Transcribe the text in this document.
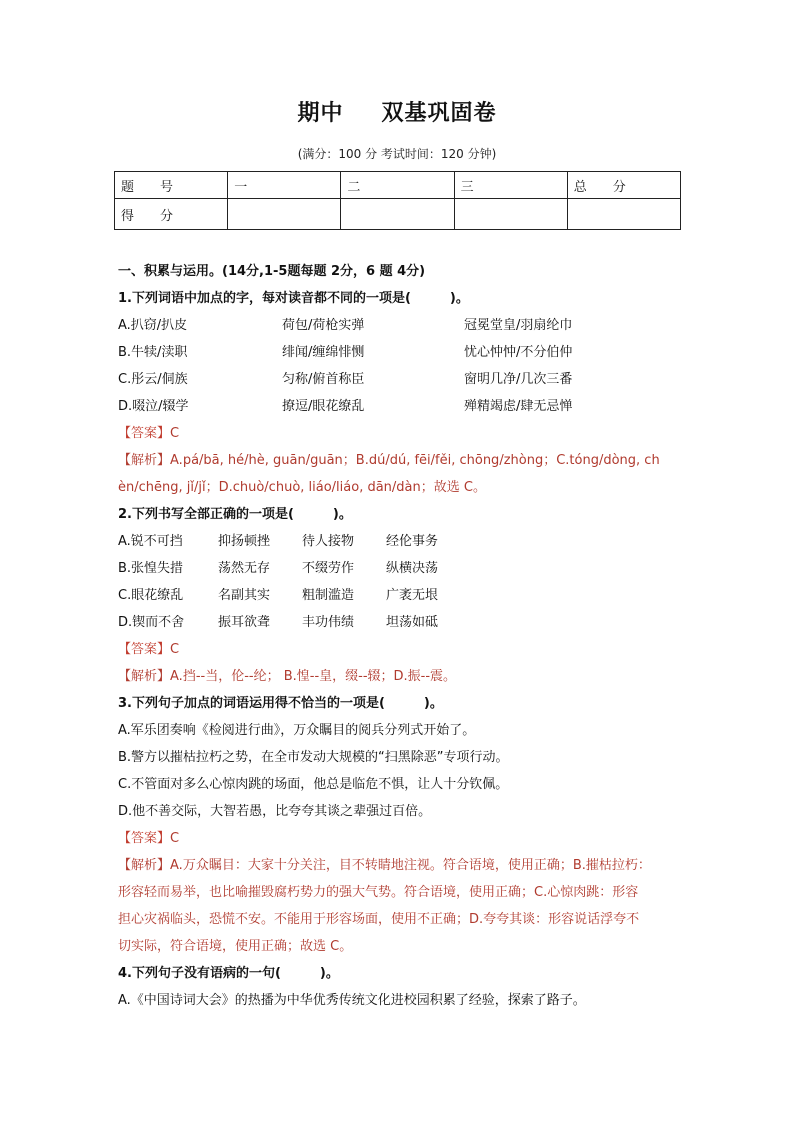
期中 双基巩固卷
(满分：100 分 考试时间：120 分钟)
题　　号	一	二	三	总　　分
得　　分				
一、积累与运用。(14分,1-5题每题 2分，6 题 4分)
1.下列词语中加点的字，每对读音都不同的一项是(　　　)。
A.扒窃/扒皮	荷包/荷枪实弹	冠冕堂皇/羽扇纶巾
B.牛犊/渎职	绯闻/缠绵悱恻	忧心忡忡/不分伯仲
C.彤云/侗族	匀称/俯首称臣	窗明几净/几次三番
D.啜泣/辍学	撩逗/眼花缭乱	殚精竭虑/肆无忌惮
【答案】C
【解析】A.pá/bā, hé/hè, guān/guān；B.dú/dú, fēi/fěi, chōng/zhòng；C.tóng/dòng, ch
èn/chēng, jǐ/jǐ；D.chuò/chuò, liáo/liáo, dān/dàn；故选 C。
2.下列书写全部正确的一项是(　　　)。
A.锐不可挡	抑扬顿挫 待人接物 经伦事务
B.张惶失措	荡然无存 不缀劳作 纵横决荡
C.眼花缭乱	名副其实 粗制滥造 广袤无垠
D.锲而不舍	振耳欲聋 丰功伟绩 坦荡如砥
【答案】C
【解析】A.挡--当，伦--纶； B.惶--皇，缀--辍；D.振--震。
3.下列句子加点的词语运用得不恰当的一项是(　　　)。
A.军乐团奏响《检阅进行曲》，万众瞩目的阅兵分列式开始了。
B.警方以摧枯拉朽之势，在全市发动大规模的“扫黑除恶”专项行动。
C.不管面对多么心惊肉跳的场面，他总是临危不惧，让人十分钦佩。
D.他不善交际，大智若愚，比夸夸其谈之辈强过百倍。
【答案】C
【解析】A.万众瞩目：大家十分关注，目不转睛地注视。符合语境，使用正确；B.摧枯拉朽：
形容轻而易举，也比喻摧毁腐朽势力的强大气势。符合语境，使用正确；C.心惊肉跳：形容
担心灾祸临头，恐慌不安。不能用于形容场面，使用不正确；D.夸夸其谈：形容说话浮夸不
切实际，符合语境，使用正确；故选 C。
4.下列句子没有语病的一句(　　　)。
A.《中国诗词大会》的热播为中华优秀传统文化进校园积累了经验，探索了路子。
